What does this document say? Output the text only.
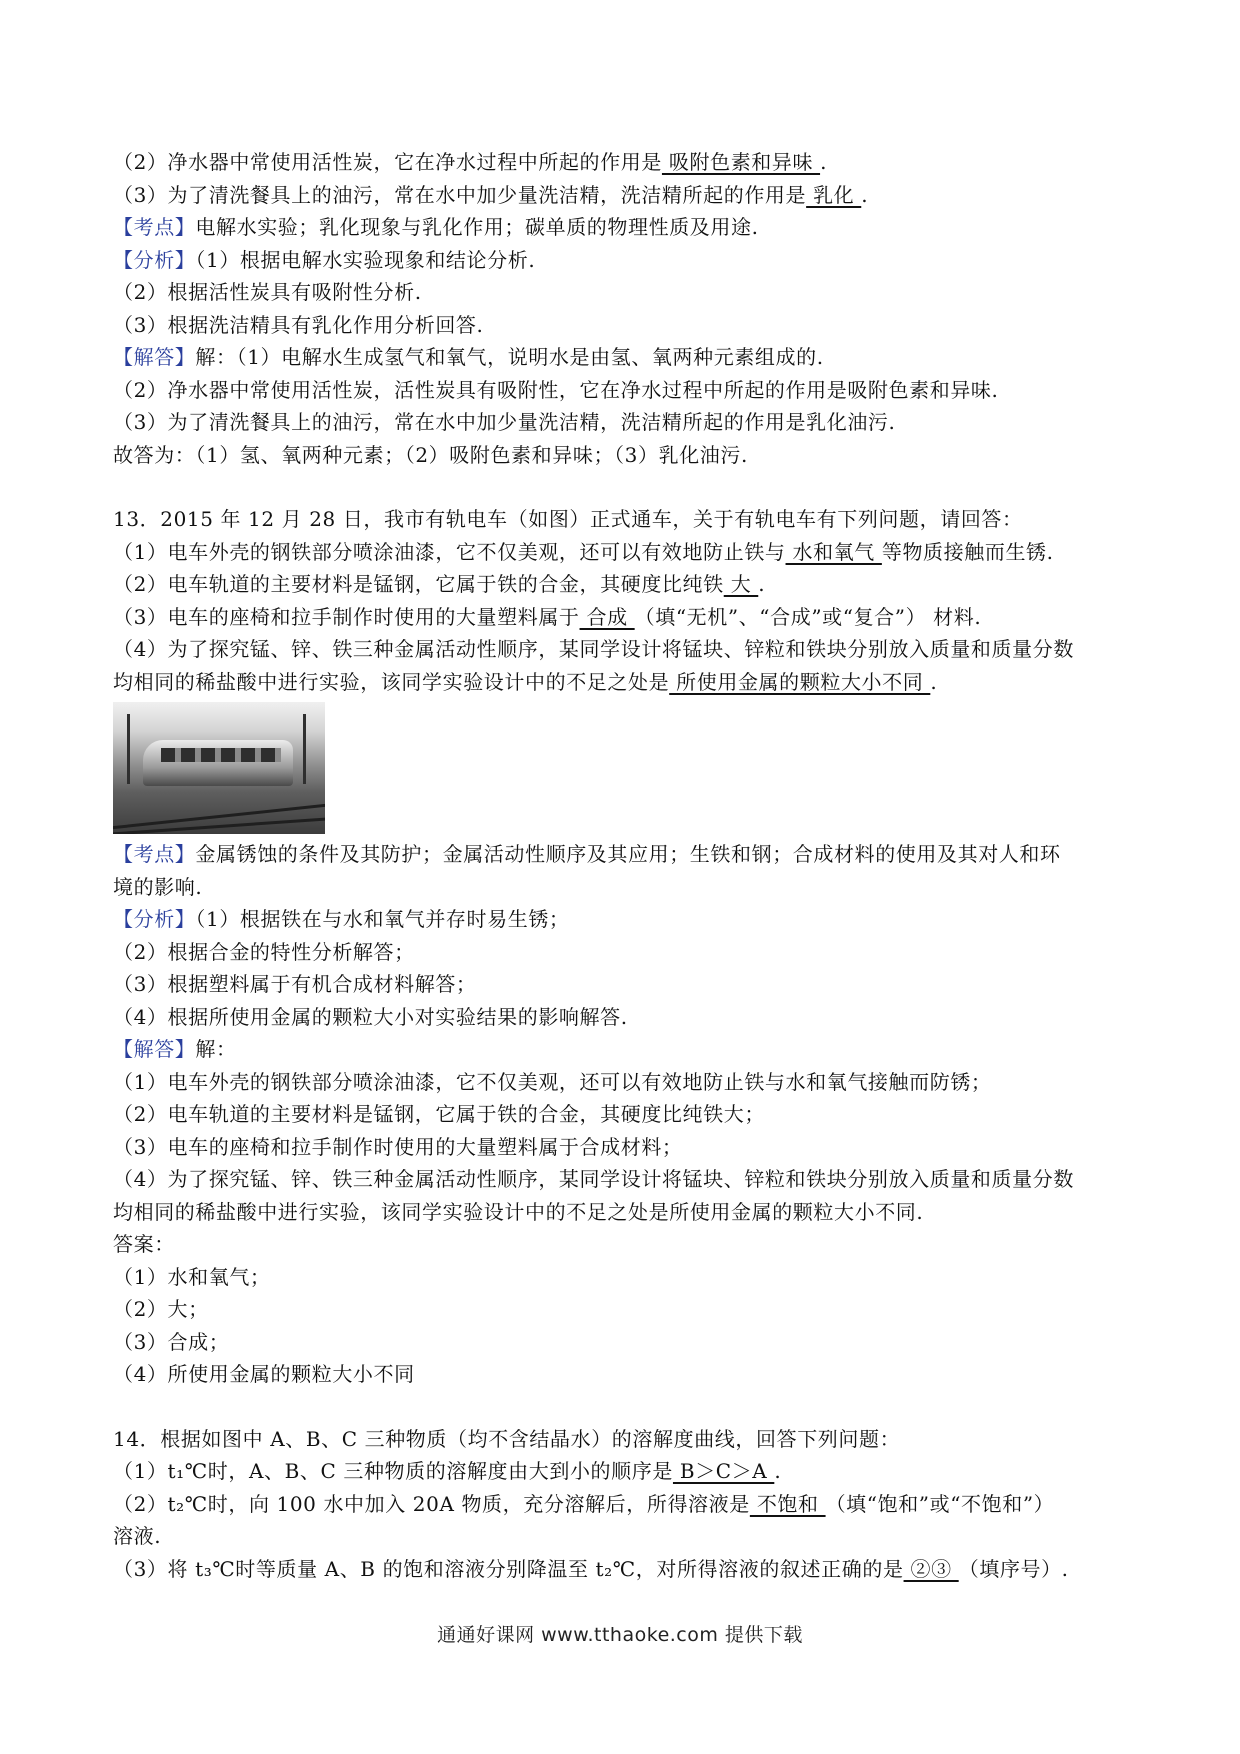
（2）净水器中常使用活性炭，它在净水过程中所起的作用是 吸附色素和异味 .
（3）为了清洗餐具上的油污，常在水中加少量洗洁精，洗洁精所起的作用是 乳化 .
【考点】电解水实验；乳化现象与乳化作用；碳单质的物理性质及用途.
【分析】（1）根据电解水实验现象和结论分析.
（2）根据活性炭具有吸附性分析.
（3）根据洗洁精具有乳化作用分析回答.
【解答】解：（1）电解水生成氢气和氧气，说明水是由氢、氧两种元素组成的.
（2）净水器中常使用活性炭，活性炭具有吸附性，它在净水过程中所起的作用是吸附色素和异味.
（3）为了清洗餐具上的油污，常在水中加少量洗洁精，洗洁精所起的作用是乳化油污.
故答为：（1）氢、氧两种元素；（2）吸附色素和异味；（3）乳化油污.
13．2015 年 12 月 28 日，我市有轨电车（如图）正式通车，关于有轨电车有下列问题，请回答：
（1）电车外壳的钢铁部分喷涂油漆，它不仅美观，还可以有效地防止铁与 水和氧气 等物质接触而生锈.
（2）电车轨道的主要材料是锰钢，它属于铁的合金，其硬度比纯铁 大 .
（3）电车的座椅和拉手制作时使用的大量塑料属于 合成 （填“无机”、“合成”或“复合”） 材料.
（4）为了探究锰、锌、铁三种金属活动性顺序，某同学设计将锰块、锌粒和铁块分别放入质量和质量分数
均相同的稀盐酸中进行实验，该同学实验设计中的不足之处是 所使用金属的颗粒大小不同 .
【考点】金属锈蚀的条件及其防护；金属活动性顺序及其应用；生铁和钢；合成材料的使用及其对人和环
境的影响.
【分析】（1）根据铁在与水和氧气并存时易生锈；
（2）根据合金的特性分析解答；
（3）根据塑料属于有机合成材料解答；
（4）根据所使用金属的颗粒大小对实验结果的影响解答.
【解答】解：
（1）电车外壳的钢铁部分喷涂油漆，它不仅美观，还可以有效地防止铁与水和氧气接触而防锈；
（2）电车轨道的主要材料是锰钢，它属于铁的合金，其硬度比纯铁大；
（3）电车的座椅和拉手制作时使用的大量塑料属于合成材料；
（4）为了探究锰、锌、铁三种金属活动性顺序，某同学设计将锰块、锌粒和铁块分别放入质量和质量分数
均相同的稀盐酸中进行实验，该同学实验设计中的不足之处是所使用金属的颗粒大小不同.
答案：
（1）水和氧气；
（2）大；
（3）合成；
（4）所使用金属的颗粒大小不同
14．根据如图中 A、B、C 三种物质（均不含结晶水）的溶解度曲线，回答下列问题：
（1）t₁℃时，A、B、C 三种物质的溶解度由大到小的顺序是 B＞C＞A .
（2）t₂℃时，向 100 水中加入 20A 物质，充分溶解后，所得溶液是 不饱和 （填“饱和”或“不饱和”）
溶液.
（3）将 t₃℃时等质量 A、B 的饱和溶液分别降温至 t₂℃，对所得溶液的叙述正确的是 ②③ （填序号）.
通通好课网 www.tthaoke.com 提供下载
